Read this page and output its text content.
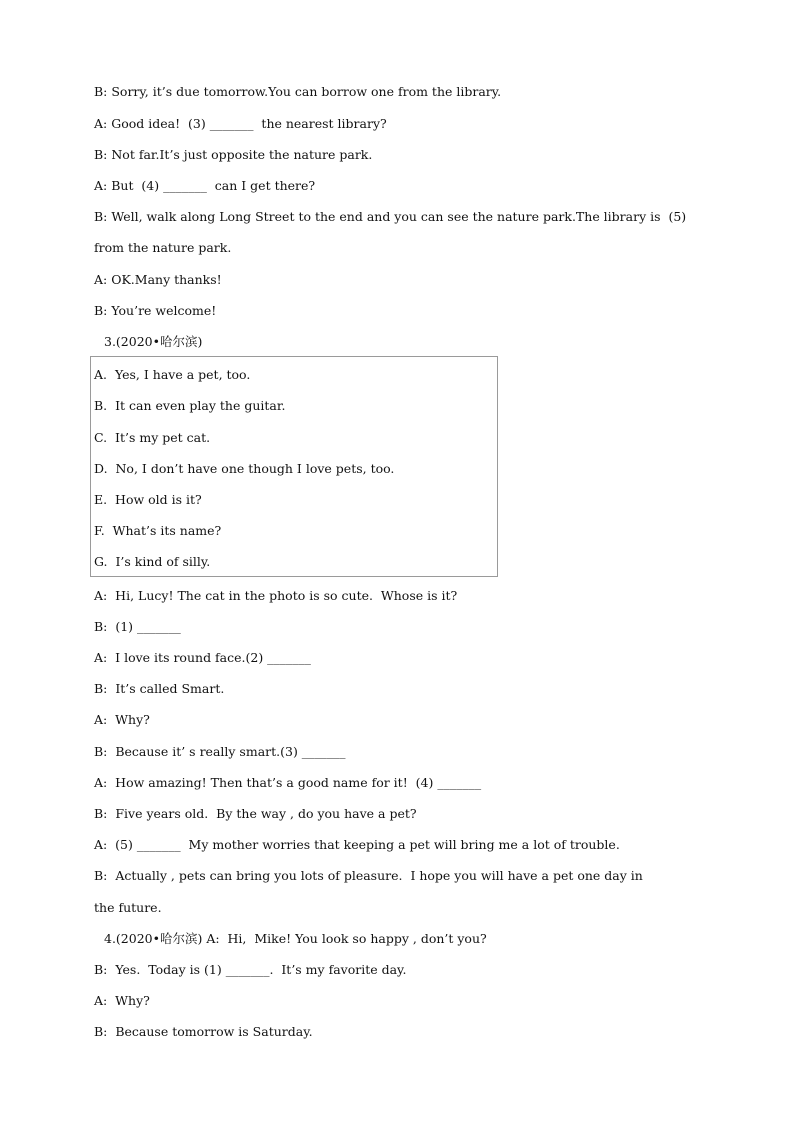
B: Sorry, it’s due tomorrow.You can borrow one from the library.
A: Good idea!  (3) _______  the nearest library?
B: Not far.It’s just opposite the nature park.
A: But  (4) _______  can I get there?
B: Well, walk along Long Street to the end and you can see the nature park.The library is  (5)
from the nature park.
A: OK.Many thanks!
B: You’re welcome!
3.(2020•哈尔滨)
A.  Yes, I have a pet, too.
B.  It can even play the guitar.
C.  It’s my pet cat.
D.  No, I don’t have one though I love pets, too.
E.  How old is it?
F.  What’s its name?
G.  I’s kind of silly.
A:  Hi, Lucy! The cat in the photo is so cute.  Whose is it?
B:  (1) _______
A:  I love its round face.(2) _______
B:  It’s called Smart.
A:  Why?
B:  Because it’ s really smart.(3) _______
A:  How amazing! Then that’s a good name for it!  (4) _______
B:  Five years old.  By the way , do you have a pet?
A:  (5) _______  My mother worries that keeping a pet will bring me a lot of trouble.
B:  Actually , pets can bring you lots of pleasure.  I hope you will have a pet one day in
the future.
4.(2020•哈尔滨) A:  Hi,  Mike! You look so happy , don’t you?
B:  Yes.  Today is (1) _______.  It’s my favorite day.
A:  Why?
B:  Because tomorrow is Saturday.
